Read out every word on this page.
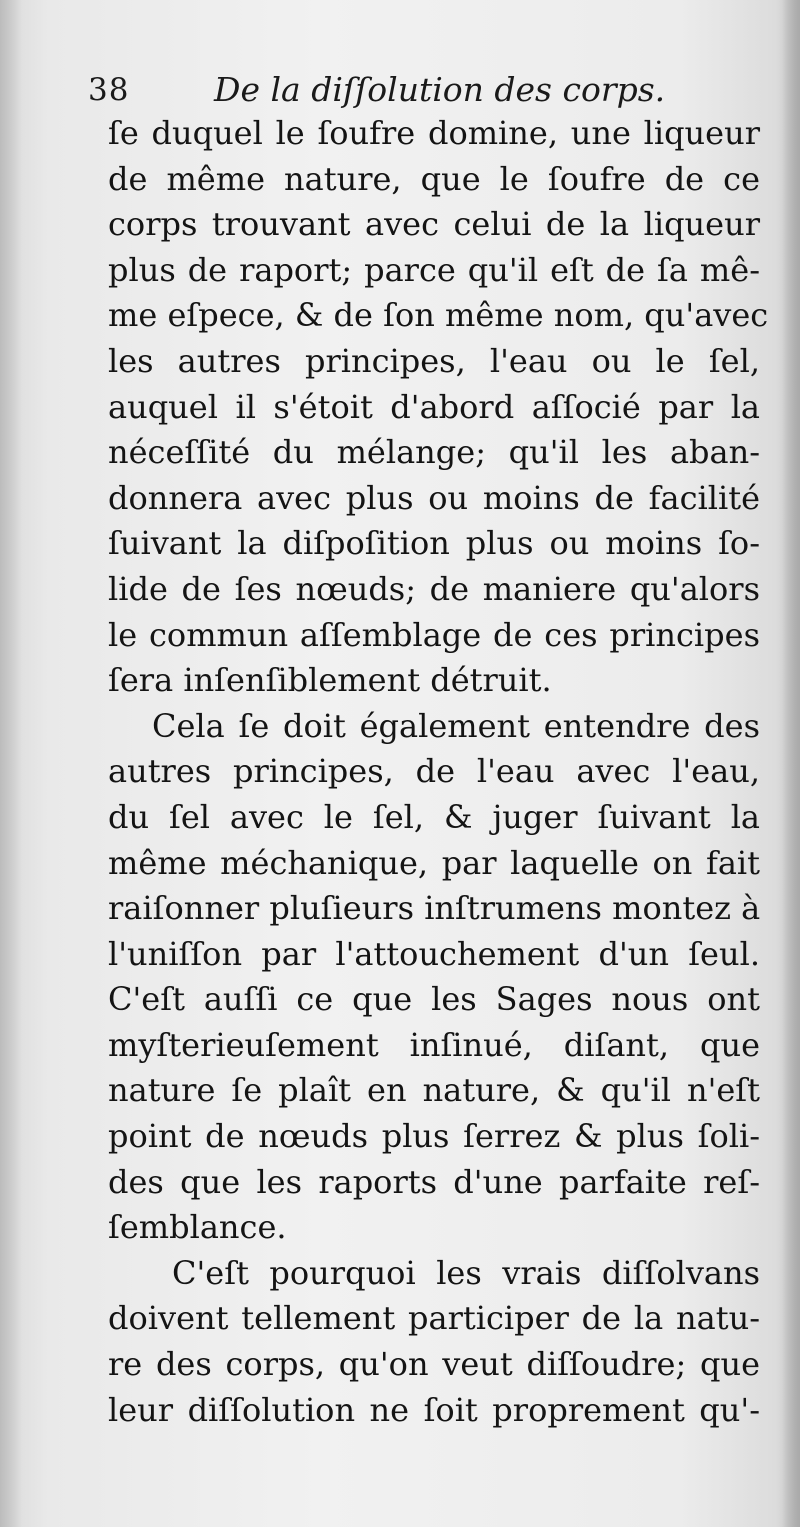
38	De la diſſolution des corps.
ſe duquel le ſoufre domine, une liqueur
de même nature, que le ſoufre de ce
corps trouvant avec celui de la liqueur
plus de raport; parce qu'il eſt de ſa mê-
me eſpece, & de ſon même nom, qu'avec
les autres principes, l'eau ou le ſel,
auquel il s'étoit d'abord aſſocié par la
néceſſité du mélange; qu'il les aban-
donnera avec plus ou moins de facilité
ſuivant la diſpoſition plus ou moins ſo-
lide de ſes nœuds; de maniere qu'alors
le commun aſſemblage de ces principes
ſera inſenſiblement détruit.
Cela ſe doit également entendre des
autres principes, de l'eau avec l'eau,
du ſel avec le ſel, & juger ſuivant la
même méchanique, par laquelle on fait
raiſonner pluſieurs inſtrumens montez à
l'uniſſon par l'attouchement d'un ſeul.
C'eſt auſſi ce que les Sages nous ont
myſterieuſement inſinué, diſant, que
nature ſe plaît en nature, & qu'il n'eſt
point de nœuds plus ſerrez & plus ſoli-
des que les raports d'une parfaite reſ-
ſemblance.
C'eſt pourquoi les vrais diſſolvans
doivent tellement participer de la natu-
re des corps, qu'on veut diſſoudre; que
leur diſſolution ne ſoit proprement qu'-
